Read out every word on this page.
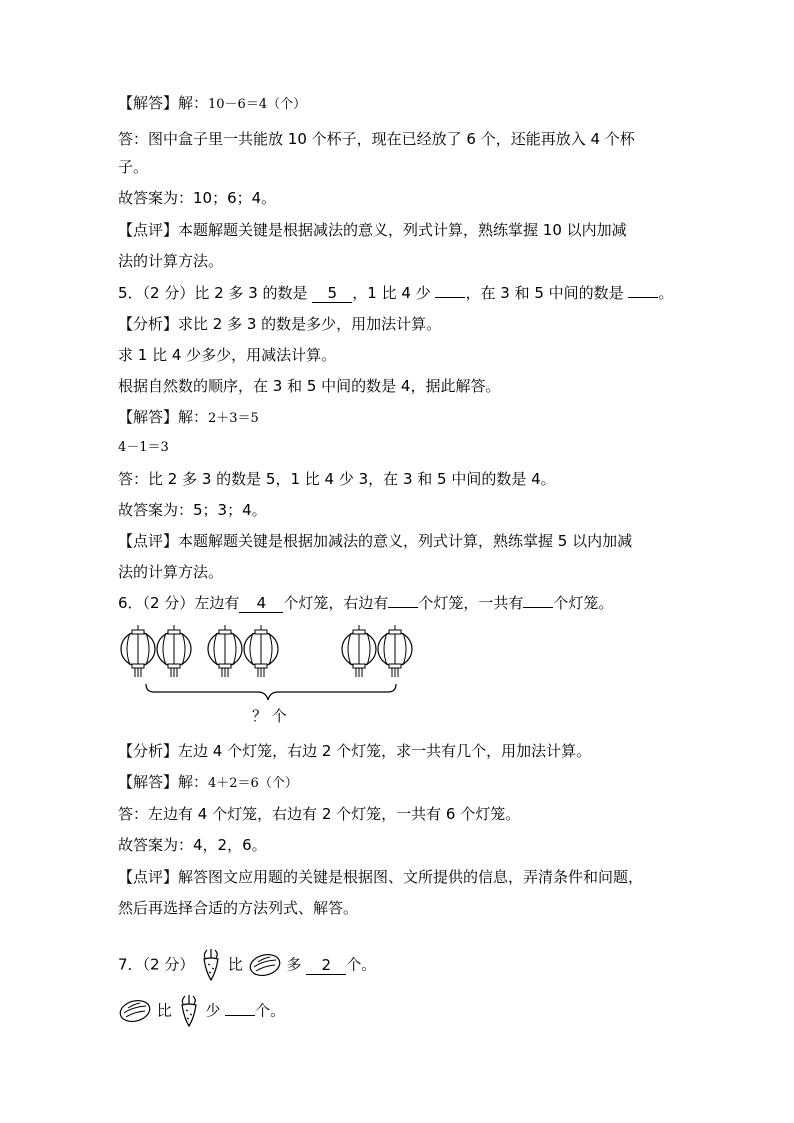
【解答】解：10－6＝4（个）
答：图中盒子里一共能放 10 个杯子，现在已经放了 6 个，还能再放入 4 个杯
子。
故答案为：10；6；4。
【点评】本题解题关键是根据减法的意义，列式计算，熟练掌握 10 以内加减
法的计算方法。
5．（2 分）比 2 多 3 的数是 5 ，1 比 4 少 ，在 3 和 5 中间的数是 。
【分析】求比 2 多 3 的数是多少，用加法计算。
求 1 比 4 少多少，用减法计算。
根据自然数的顺序，在 3 和 5 中间的数是 4，据此解答。
【解答】解：2＋3＝5
4－1＝3
答：比 2 多 3 的数是 5，1 比 4 少 3，在 3 和 5 中间的数是 4。
故答案为：5；3；4。
【点评】本题解题关键是根据加减法的意义，列式计算，熟练掌握 5 以内加减
法的计算方法。
6．（2 分）左边有 4 个灯笼，右边有 个灯笼，一共有 个灯笼。
？ 个
【分析】左边 4 个灯笼，右边 2 个灯笼，求一共有几个，用加法计算。
【解答】解：4＋2＝6（个）
答：左边有 4 个灯笼，右边有 2 个灯笼，一共有 6 个灯笼。
故答案为：4，2，6。
【点评】解答图文应用题的关键是根据图、文所提供的信息，弄清条件和问题，
然后再选择合适的方法列式、解答。
7．（2 分） 比	多 2 个。
比 少 个。
